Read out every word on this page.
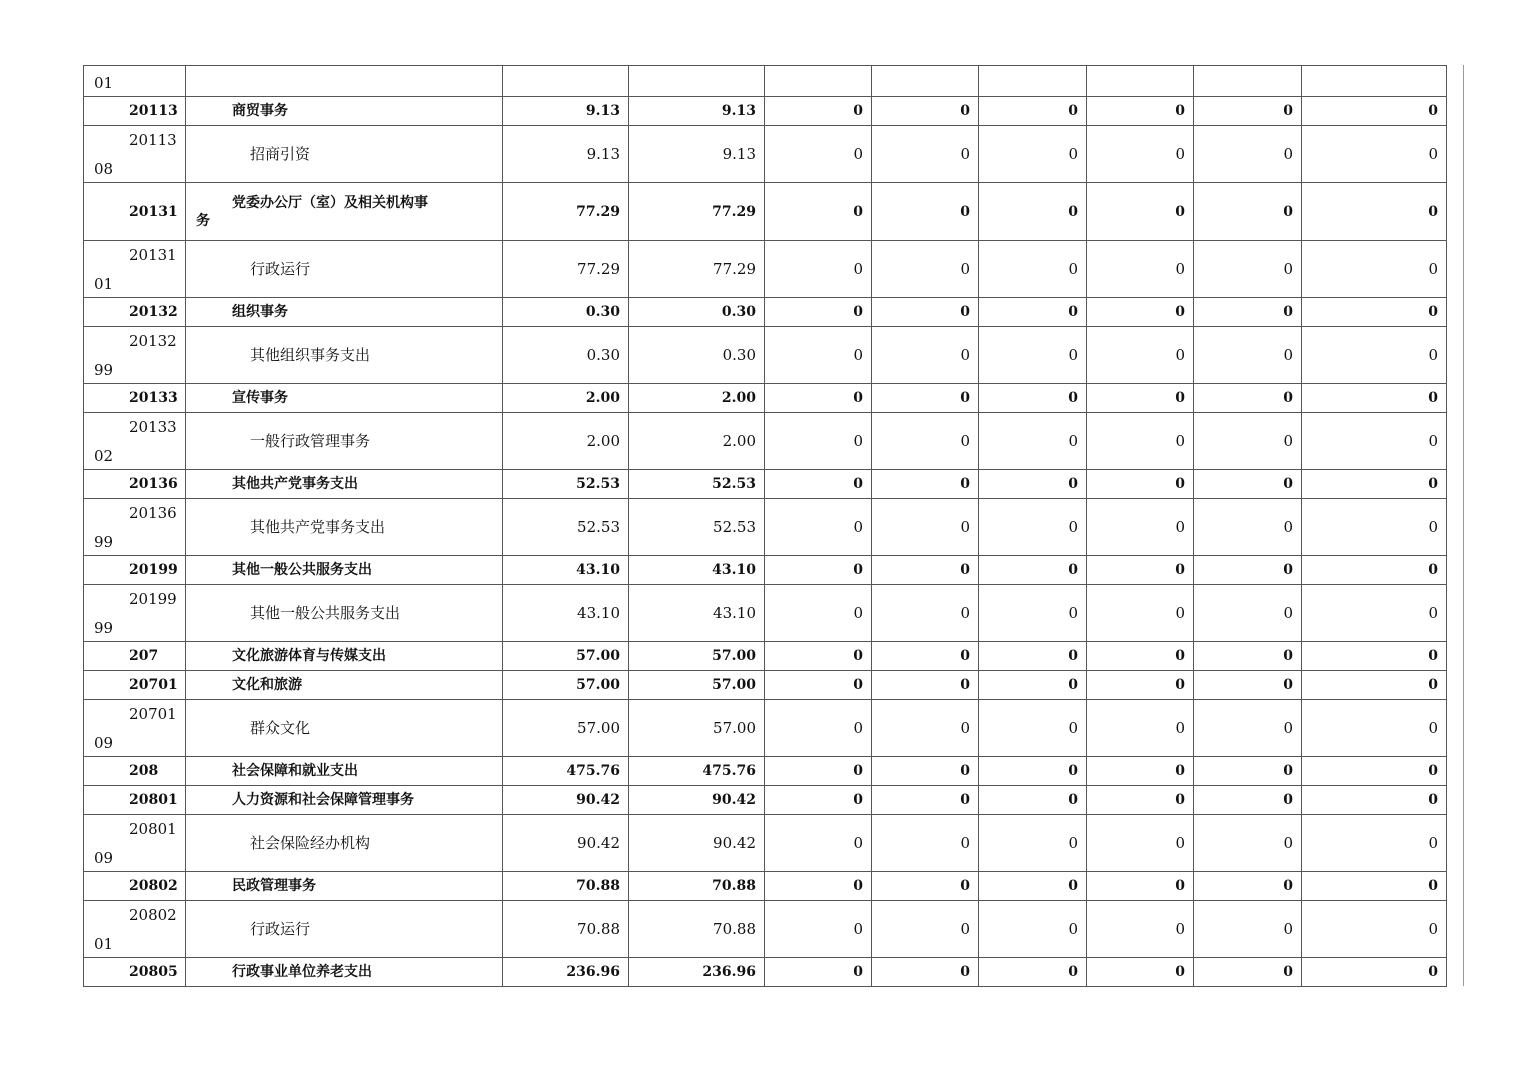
01									

20113	商贸事务	9.13	9.13	0	0	0	0	0	0

20113
08	招商引资	9.13	9.13	0	0	0	0	0	0
20131	党委办公厅（室）及相关机构事
务	77.29	77.29	0	0	0	0	0	0

20131
01	行政运行	77.29	77.29	0	0	0	0	0	0
20132	组织事务	0.30	0.30	0	0	0	0	0	0

20132
99	其他组织事务支出	0.30	0.30	0	0	0	0	0	0
20133	宣传事务	2.00	2.00	0	0	0	0	0	0

20133
02	一般行政管理事务	2.00	2.00	0	0	0	0	0	0
20136	其他共产党事务支出	52.53	52.53	0	0	0	0	0	0

20136
99	其他共产党事务支出	52.53	52.53	0	0	0	0	0	0
20199	其他一般公共服务支出	43.10	43.10	0	0	0	0	0	0

20199
99	其他一般公共服务支出	43.10	43.10	0	0	0	0	0	0
207	文化旅游体育与传媒支出	57.00	57.00	0	0	0	0	0	0
20701	文化和旅游	57.00	57.00	0	0	0	0	0	0

20701
09	群众文化	57.00	57.00	0	0	0	0	0	0
208	社会保障和就业支出	475.76	475.76	0	0	0	0	0	0
20801	人力资源和社会保障管理事务	90.42	90.42	0	0	0	0	0	0

20801
09	社会保险经办机构	90.42	90.42	0	0	0	0	0	0
20802	民政管理事务	70.88	70.88	0	0	0	0	0	0

20802
01	行政运行	70.88	70.88	0	0	0	0	0	0
20805	行政事业单位养老支出	236.96	236.96	0	0	0	0	0	0
